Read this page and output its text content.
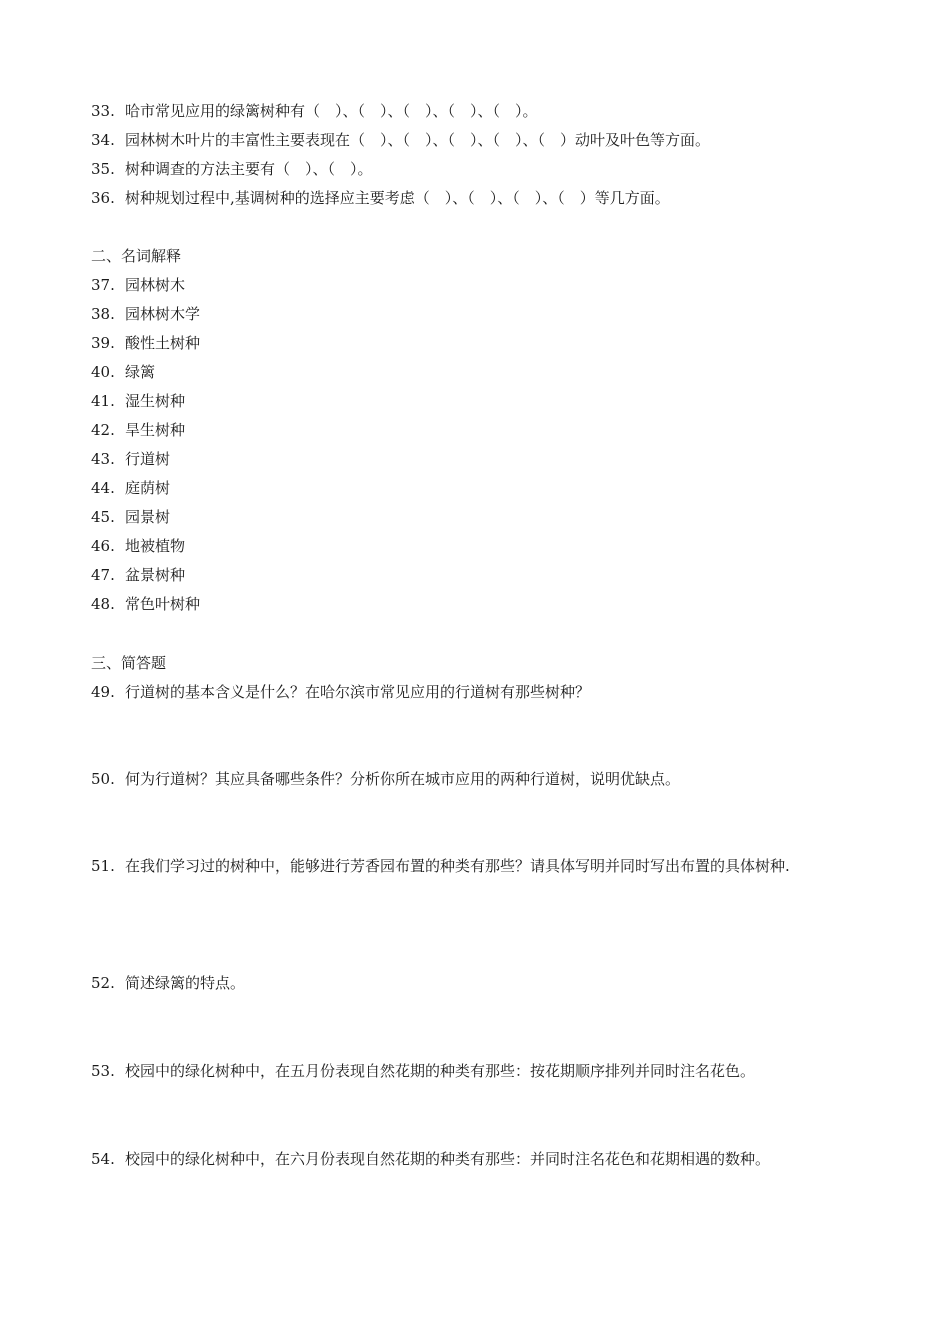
33. 哈市常见应用的绿篱树种有（　）、（　）、（　）、（　）、（　）。
34. 园林树木叶片的丰富性主要表现在（　）、（　）、（　）、（　）、（　）动叶及叶色等方面。
35. 树种调查的方法主要有（　）、（　）。
36. 树种规划过程中,基调树种的选择应主要考虑（　）、（　）、（　）、（　）等几方面。
二、名词解释
37. 园林树木
38. 园林树木学
39. 酸性土树种
40. 绿篱
41. 湿生树种
42. 旱生树种
43. 行道树
44. 庭荫树
45. 园景树
46. 地被植物
47. 盆景树种
48. 常色叶树种
三、简答题
49. 行道树的基本含义是什么？在哈尔滨市常见应用的行道树有那些树种？
50. 何为行道树？其应具备哪些条件？分析你所在城市应用的两种行道树，说明优缺点。
51. 在我们学习过的树种中，能够进行芳香园布置的种类有那些？请具体写明并同时写出布置的具体树种.
52. 简述绿篱的特点。
53. 校园中的绿化树种中，在五月份表现自然花期的种类有那些：按花期顺序排列并同时注名花色。
54. 校园中的绿化树种中，在六月份表现自然花期的种类有那些：并同时注名花色和花期相遇的数种。
